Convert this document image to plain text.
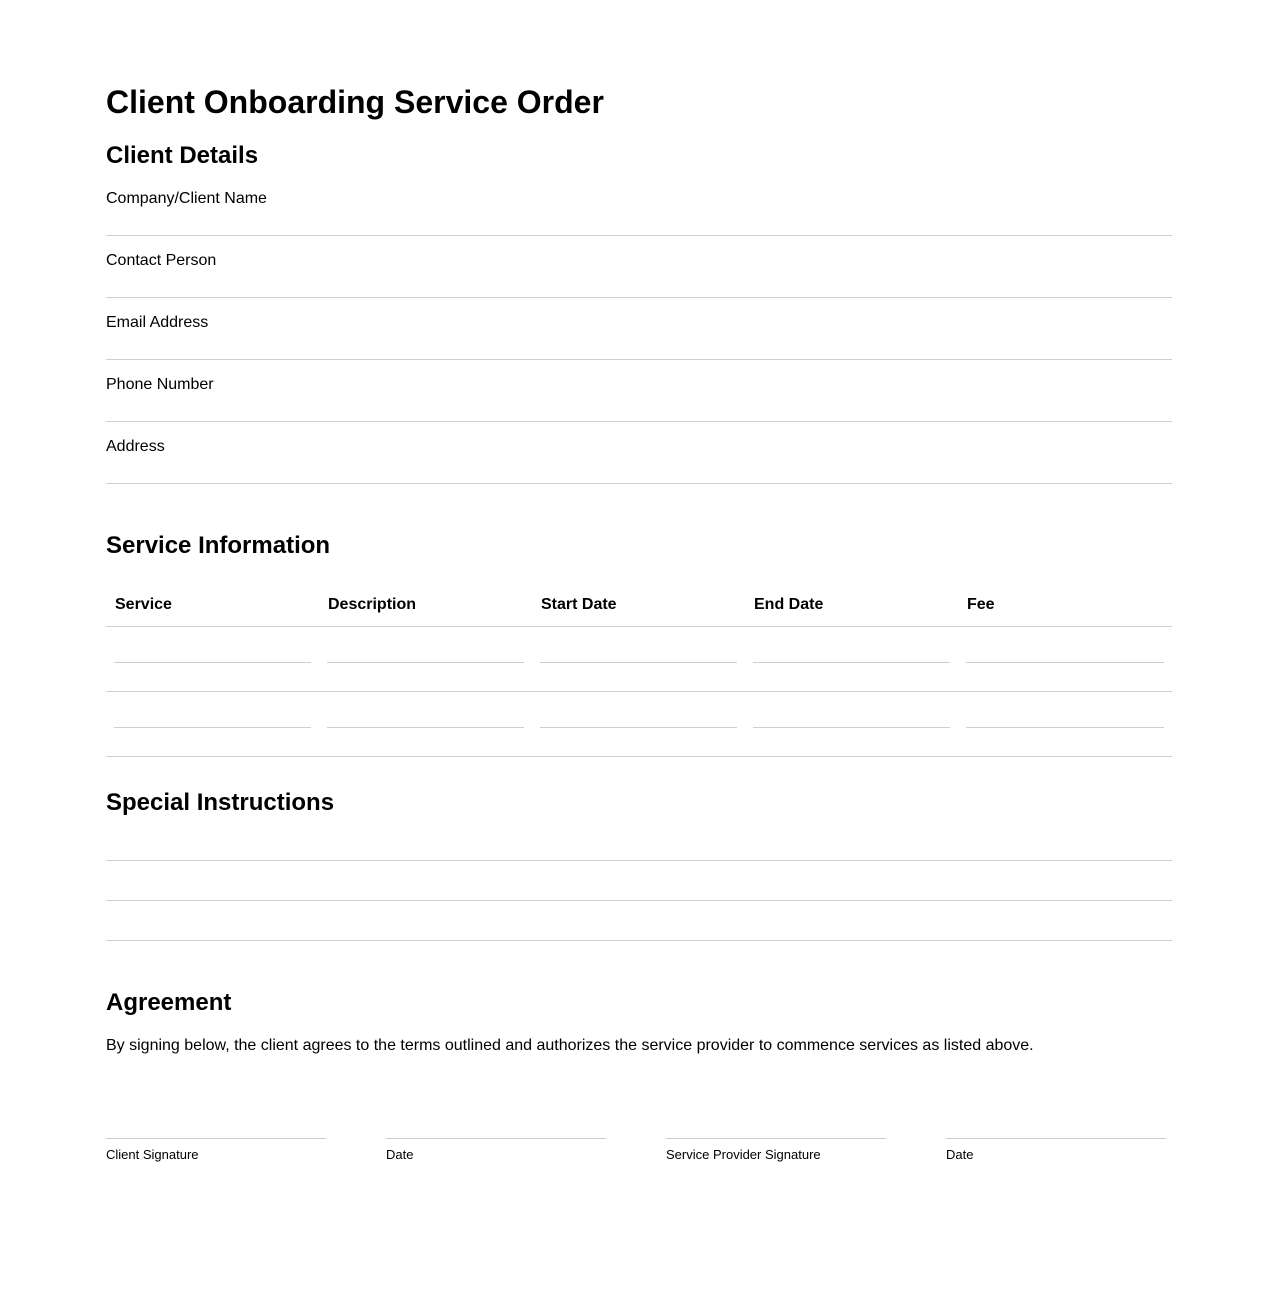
Client Onboarding Service Order
Client Details
Company/Client Name
Contact Person
Email Address
Phone Number
Address
Service Information
Service	Description	Start Date	End Date	Fee

Special Instructions
Agreement

By signing below, the client agrees to the terms outlined and authorizes the service provider to commence services as listed above.

Client Signature	Date	Service Provider Signature	Date
